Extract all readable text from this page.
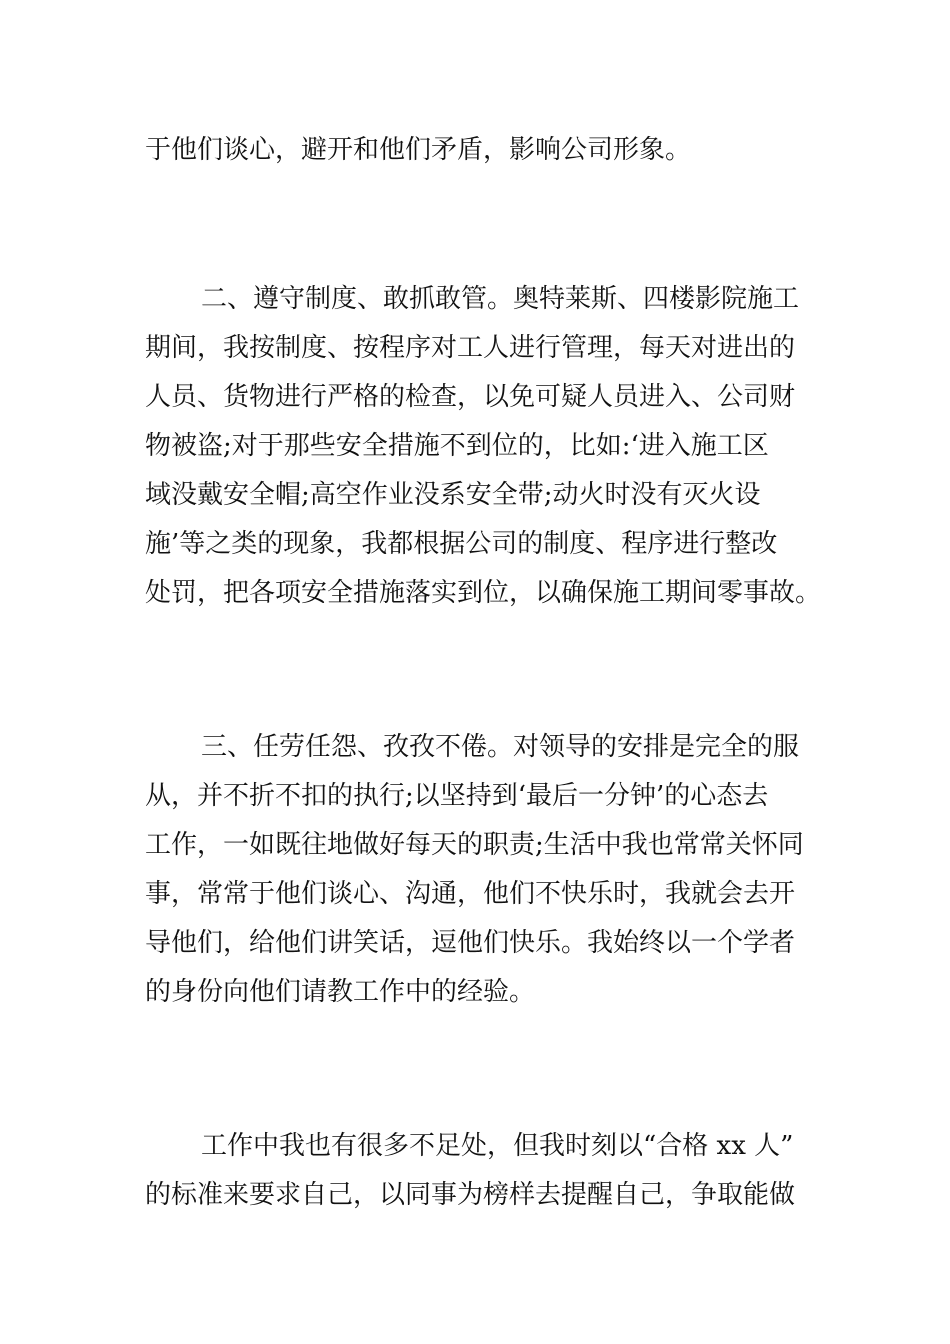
于他们谈心，避开和他们矛盾，影响公司形象。

二、遵守制度、敢抓敢管。奥特莱斯、四楼影院施工
期间，我按制度、按程序对工人进行管理，每天对进出的
人员、货物进行严格的检查，以免可疑人员进入、公司财
物被盗;对于那些安全措施不到位的，比如:‘进入施工区
域没戴安全帽;高空作业没系安全带;动火时没有灭火设
施’等之类的现象，我都根据公司的制度、程序进行整改
处罚，把各项安全措施落实到位，以确保施工期间零事故。

三、任劳任怨、孜孜不倦。对领导的安排是完全的服
从，并不折不扣的执行;以坚持到‘最后一分钟’的心态去
工作，一如既往地做好每天的职责;生活中我也常常关怀同
事，常常于他们谈心、沟通，他们不快乐时，我就会去开
导他们，给他们讲笑话，逗他们快乐。我始终以一个学者
的身份向他们请教工作中的经验。

工作中我也有很多不足处，但我时刻以“合格 xx 人”
的标准来要求自己，以同事为榜样去提醒自己，争取能做
